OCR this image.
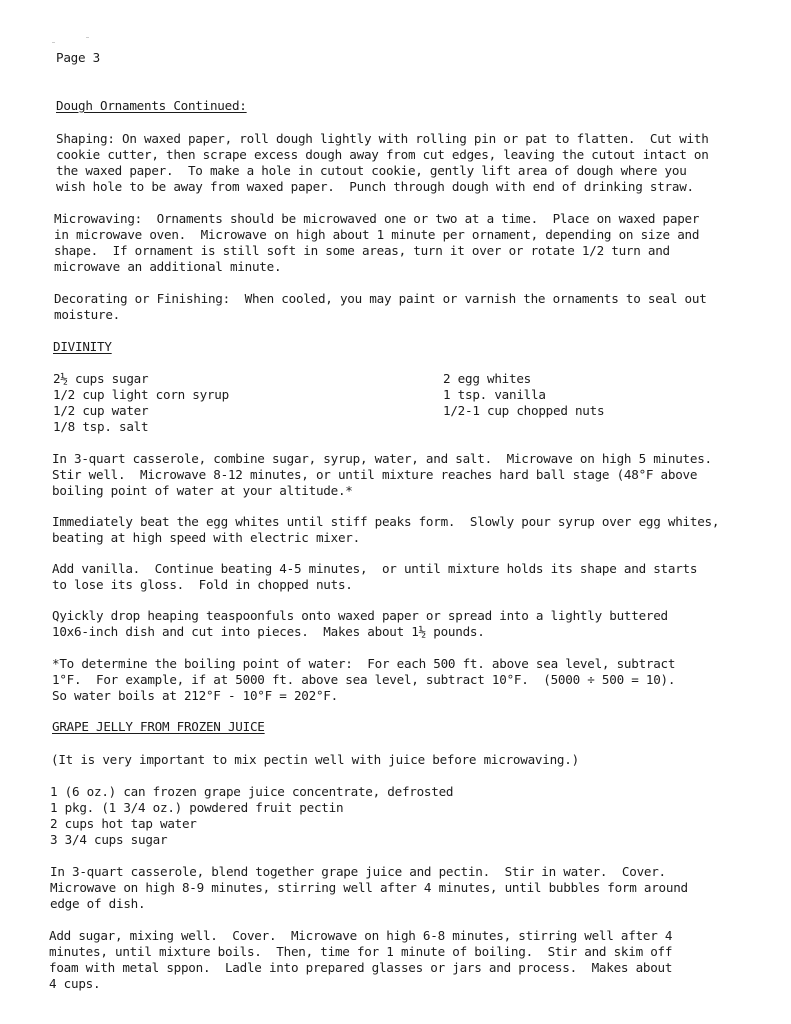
Page 3
Dough Ornaments Continued:
Shaping: On waxed paper, roll dough lightly with rolling pin or pat to flatten.  Cut with
cookie cutter, then scrape excess dough away from cut edges, leaving the cutout intact on
the waxed paper.  To make a hole in cutout cookie, gently lift area of dough where you
wish hole to be away from waxed paper.  Punch through dough with end of drinking straw.
Microwaving:  Ornaments should be microwaved one or two at a time.  Place on waxed paper
in microwave oven.  Microwave on high about 1 minute per ornament, depending on size and
shape.  If ornament is still soft in some areas, turn it over or rotate 1/2 turn and
microwave an additional minute.
Decorating or Finishing:  When cooled, you may paint or varnish the ornaments to seal out
moisture.
DIVINITY
2½ cups sugar
1/2 cup light corn syrup
1/2 cup water
1/8 tsp. salt
2 egg whites
1 tsp. vanilla
1/2-1 cup chopped nuts
In 3-quart casserole, combine sugar, syrup, water, and salt.  Microwave on high 5 minutes.
Stir well.  Microwave 8-12 minutes, or until mixture reaches hard ball stage (48°F above
boiling point of water at your altitude.*
Immediately beat the egg whites until stiff peaks form.  Slowly pour syrup over egg whites,
beating at high speed with electric mixer.
Add vanilla.  Continue beating 4-5 minutes,  or until mixture holds its shape and starts
to lose its gloss.  Fold in chopped nuts.
Qyickly drop heaping teaspoonfuls onto waxed paper or spread into a lightly buttered
10x6-inch dish and cut into pieces.  Makes about 1½ pounds.
*To determine the boiling point of water:  For each 500 ft. above sea level, subtract
1°F.  For example, if at 5000 ft. above sea level, subtract 10°F.  (5000 ÷ 500 = 10).
So water boils at 212°F - 10°F = 202°F.
GRAPE JELLY FROM FROZEN JUICE
(It is very important to mix pectin well with juice before microwaving.)
1 (6 oz.) can frozen grape juice concentrate, defrosted
1 pkg. (1 3/4 oz.) powdered fruit pectin
2 cups hot tap water
3 3/4 cups sugar
In 3-quart casserole, blend together grape juice and pectin.  Stir in water.  Cover.
Microwave on high 8-9 minutes, stirring well after 4 minutes, until bubbles form around
edge of dish.
Add sugar, mixing well.  Cover.  Microwave on high 6-8 minutes, stirring well after 4
minutes, until mixture boils.  Then, time for 1 minute of boiling.  Stir and skim off
foam with metal sppon.  Ladle into prepared glasses or jars and process.  Makes about
4 cups.
